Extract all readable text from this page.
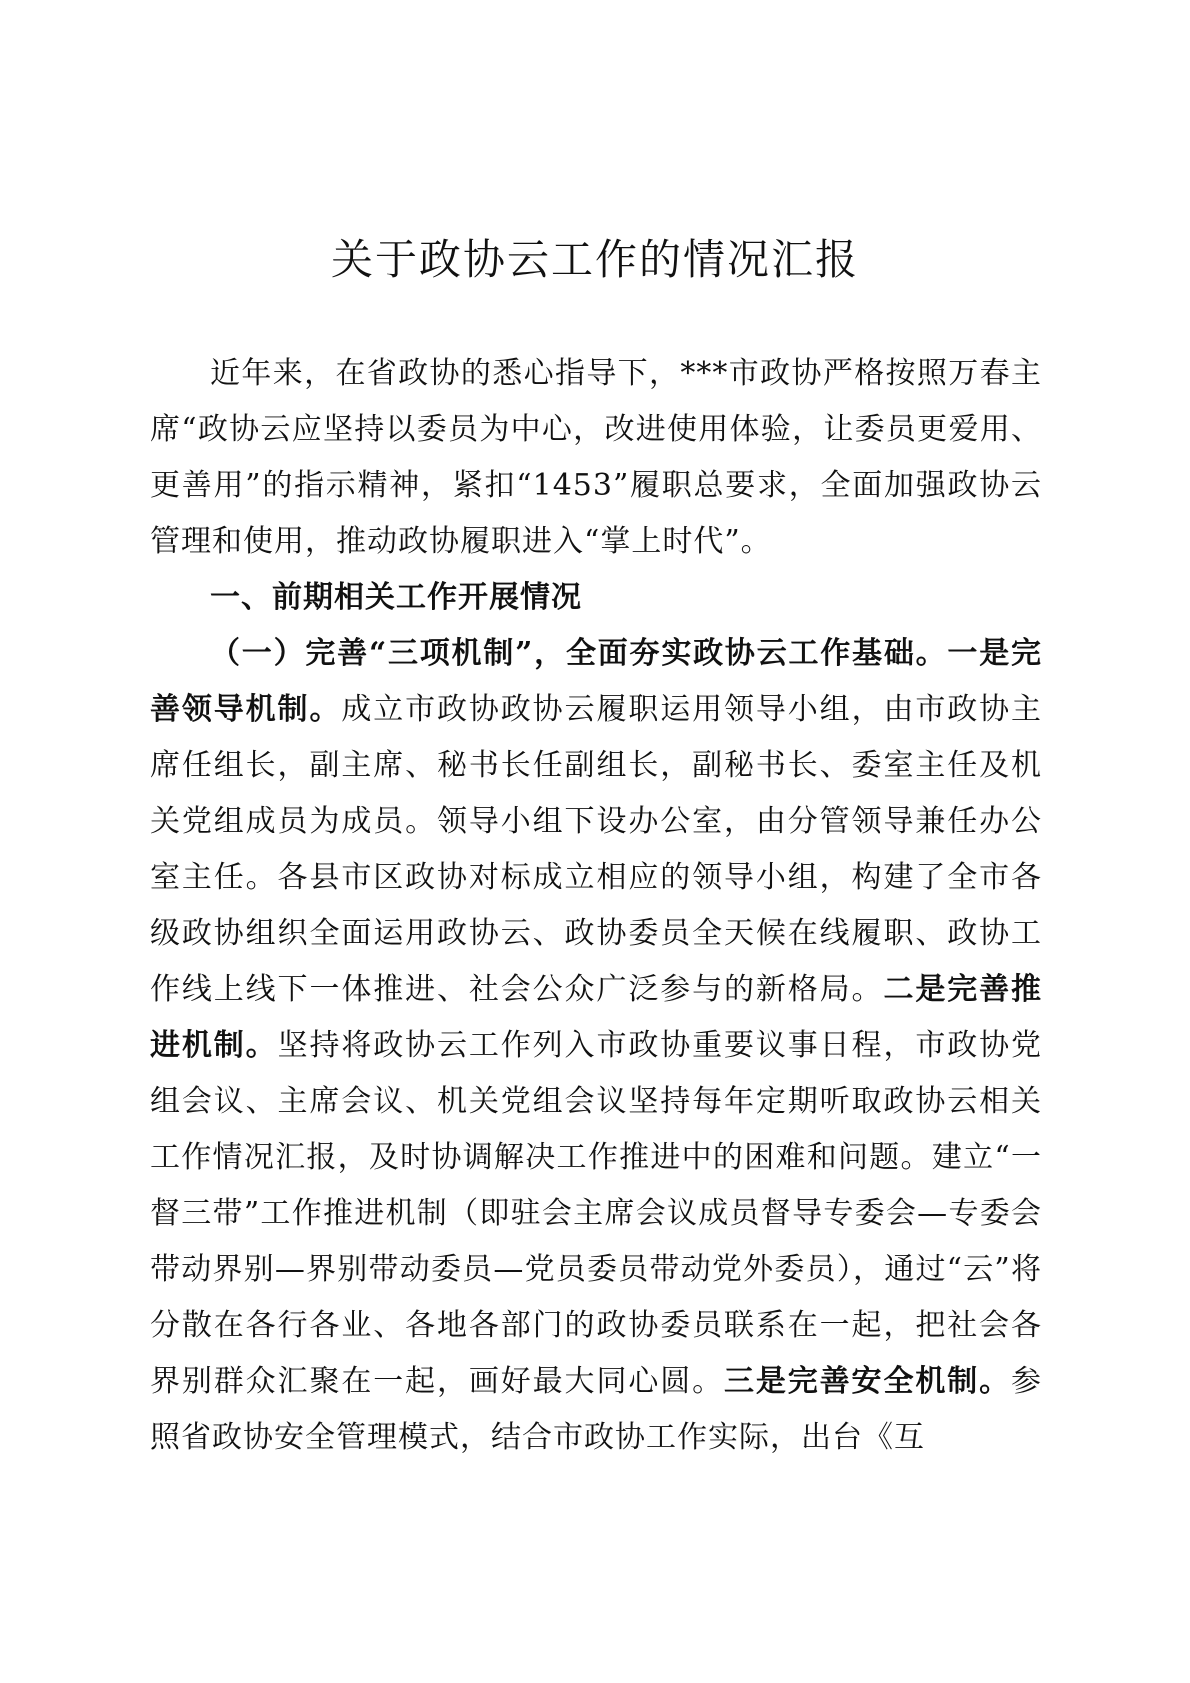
关于政协云工作的情况汇报

近年来，在省政协的悉心指导下，***市政协严格按照万春主席“政协云应坚持以委员为中心，改进使用体验，让委员更爱用、更善用”的指示精神，紧扣“1453”履职总要求，全面加强政协云管理和使用，推动政协履职进入“掌上时代”。

一、前期相关工作开展情况

（一）完善“三项机制”，全面夯实政协云工作基础。一是完善领导机制。成立市政协政协云履职运用领导小组，由市政协主席任组长，副主席、秘书长任副组长，副秘书长、委室主任及机关党组成员为成员。领导小组下设办公室，由分管领导兼任办公室主任。各县市区政协对标成立相应的领导小组，构建了全市各级政协组织全面运用政协云、政协委员全天候在线履职、政协工作线上线下一体推进、社会公众广泛参与的新格局。二是完善推进机制。坚持将政协云工作列入市政协重要议事日程，市政协党组会议、主席会议、机关党组会议坚持每年定期听取政协云相关工作情况汇报，及时协调解决工作推进中的困难和问题。建立“一督三带”工作推进机制（即驻会主席会议成员督导专委会—专委会带动界别—界别带动委员—党员委员带动党外委员），通过“云”将分散在各行各业、各地各部门的政协委员联系在一起，把社会各界别群众汇聚在一起，画好最大同心圆。三是完善安全机制。参照省政协安全管理模式，结合市政协工作实际，出台《互
